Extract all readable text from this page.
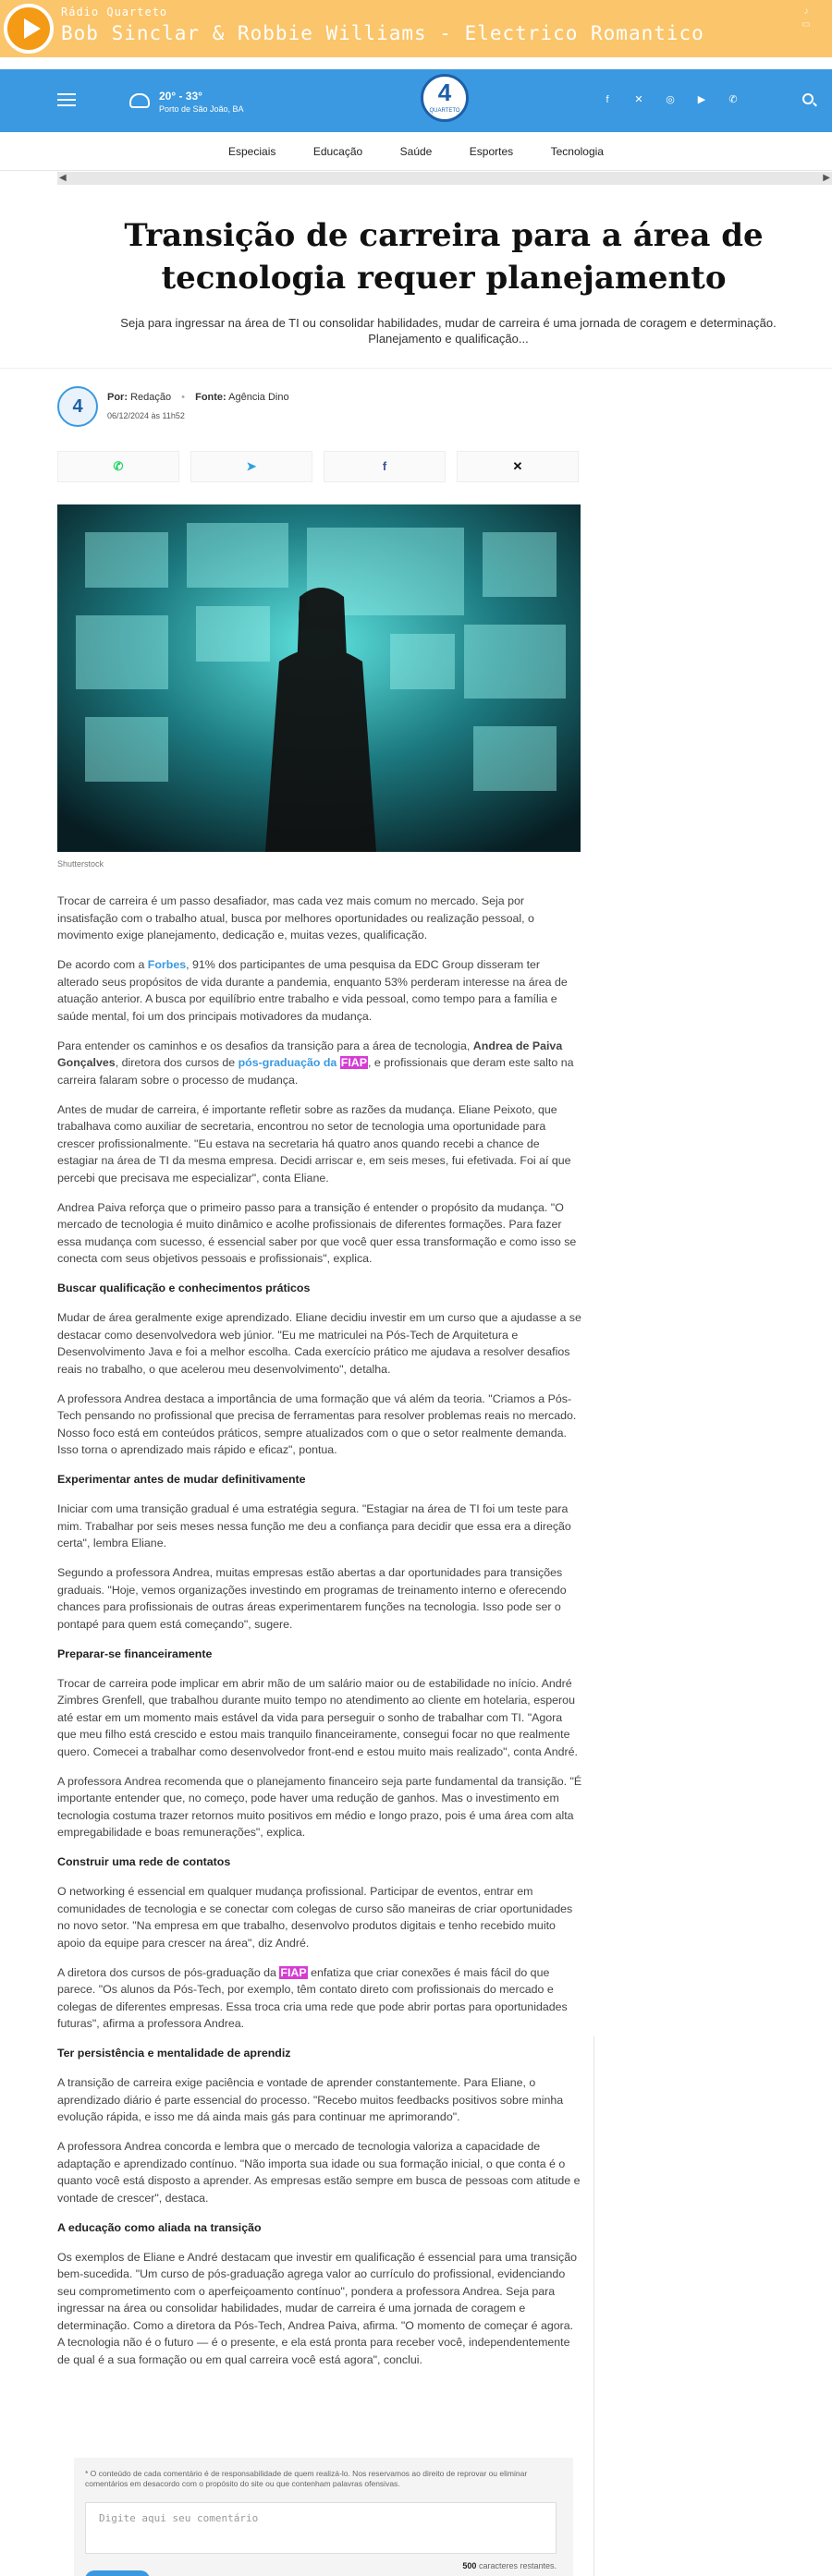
Rádio Quarteto
Bob Sinclar & Robbie Williams - Electrico Romantico
♪
▭
20° - 33°
Porto de São João, BA
4
QUARTETO
f	✕ ◎ ▶ ✆
Especiais	Educação	Saúde	Esportes	Tecnologia
◀	▶
Transição de carreira para a área de tecnologia requer planejamento

Seja para ingressar na área de TI ou consolidar habilidades, mudar de carreira é uma jornada de coragem e determinação. Planejamento e qualificação...

4	Por: Redação • Fonte: Agência Dino
06/12/2024 às 11h52
✆	➤	f	✕
Shutterstock

Trocar de carreira é um passo desafiador, mas cada vez mais comum no mercado. Seja por insatisfação com o trabalho atual, busca por melhores oportunidades ou realização pessoal, o movimento exige planejamento, dedicação e, muitas vezes, qualificação.

De acordo com a Forbes, 91% dos participantes de uma pesquisa da EDC Group disseram ter alterado seus propósitos de vida durante a pandemia, enquanto 53% perderam interesse na área de atuação anterior. A busca por equilíbrio entre trabalho e vida pessoal, como tempo para a família e saúde mental, foi um dos principais motivadores da mudança.

Para entender os caminhos e os desafios da transição para a área de tecnologia, Andrea de Paiva Gonçalves, diretora dos cursos de pós-graduação da FIAP, e profissionais que deram este salto na carreira falaram sobre o processo de mudança.

Antes de mudar de carreira, é importante refletir sobre as razões da mudança. Eliane Peixoto, que trabalhava como auxiliar de secretaria, encontrou no setor de tecnologia uma oportunidade para crescer profissionalmente. "Eu estava na secretaria há quatro anos quando recebi a chance de estagiar na área de TI da mesma empresa. Decidi arriscar e, em seis meses, fui efetivada. Foi aí que percebi que precisava me especializar", conta Eliane.

Andrea Paiva reforça que o primeiro passo para a transição é entender o propósito da mudança. "O mercado de tecnologia é muito dinâmico e acolhe profissionais de diferentes formações. Para fazer essa mudança com sucesso, é essencial saber por que você quer essa transformação e como isso se conecta com seus objetivos pessoais e profissionais", explica.

Buscar qualificação e conhecimentos práticos

Mudar de área geralmente exige aprendizado. Eliane decidiu investir em um curso que a ajudasse a se destacar como desenvolvedora web júnior. "Eu me matriculei na Pós-Tech de Arquitetura e Desenvolvimento Java e foi a melhor escolha. Cada exercício prático me ajudava a resolver desafios reais no trabalho, o que acelerou meu desenvolvimento", detalha.

A professora Andrea destaca a importância de uma formação que vá além da teoria. "Criamos a Pós-Tech pensando no profissional que precisa de ferramentas para resolver problemas reais no mercado. Nosso foco está em conteúdos práticos, sempre atualizados com o que o setor realmente demanda. Isso torna o aprendizado mais rápido e eficaz", pontua.

Experimentar antes de mudar definitivamente

Iniciar com uma transição gradual é uma estratégia segura. "Estagiar na área de TI foi um teste para mim. Trabalhar por seis meses nessa função me deu a confiança para decidir que essa era a direção certa", lembra Eliane.

Segundo a professora Andrea, muitas empresas estão abertas a dar oportunidades para transições graduais. "Hoje, vemos organizações investindo em programas de treinamento interno e oferecendo chances para profissionais de outras áreas experimentarem funções na tecnologia. Isso pode ser o pontapé para quem está começando", sugere.

Preparar-se financeiramente

Trocar de carreira pode implicar em abrir mão de um salário maior ou de estabilidade no início. André Zimbres Grenfell, que trabalhou durante muito tempo no atendimento ao cliente em hotelaria, esperou até estar em um momento mais estável da vida para perseguir o sonho de trabalhar com TI. "Agora que meu filho está crescido e estou mais tranquilo financeiramente, consegui focar no que realmente quero. Comecei a trabalhar como desenvolvedor front-end e estou muito mais realizado", conta André.

A professora Andrea recomenda que o planejamento financeiro seja parte fundamental da transição. "É importante entender que, no começo, pode haver uma redução de ganhos. Mas o investimento em tecnologia costuma trazer retornos muito positivos em médio e longo prazo, pois é uma área com alta empregabilidade e boas remunerações", explica.

Construir uma rede de contatos

O networking é essencial em qualquer mudança profissional. Participar de eventos, entrar em comunidades de tecnologia e se conectar com colegas de curso são maneiras de criar oportunidades no novo setor. "Na empresa em que trabalho, desenvolvo produtos digitais e tenho recebido muito apoio da equipe para crescer na área", diz André.

A diretora dos cursos de pós-graduação da FIAP enfatiza que criar conexões é mais fácil do que parece. "Os alunos da Pós-Tech, por exemplo, têm contato direto com profissionais do mercado e colegas de diferentes empresas. Essa troca cria uma rede que pode abrir portas para oportunidades futuras", afirma a professora Andrea.

Ter persistência e mentalidade de aprendiz

A transição de carreira exige paciência e vontade de aprender constantemente. Para Eliane, o aprendizado diário é parte essencial do processo. "Recebo muitos feedbacks positivos sobre minha evolução rápida, e isso me dá ainda mais gás para continuar me aprimorando".

A professora Andrea concorda e lembra que o mercado de tecnologia valoriza a capacidade de adaptação e aprendizado contínuo. "Não importa sua idade ou sua formação inicial, o que conta é o quanto você está disposto a aprender. As empresas estão sempre em busca de pessoas com atitude e vontade de crescer", destaca.

A educação como aliada na transição

Os exemplos de Eliane e André destacam que investir em qualificação é essencial para uma transição bem-sucedida. "Um curso de pós-graduação agrega valor ao currículo do profissional, evidenciando seu comprometimento com o aperfeiçoamento contínuo", pondera a professora Andrea. Seja para ingressar na área ou consolidar habilidades, mudar de carreira é uma jornada de coragem e determinação. Como a diretora da Pós-Tech, Andrea Paiva, afirma. "O momento de começar é agora. A tecnologia não é o futuro — é o presente, e ela está pronta para receber você, independentemente de qual é a sua formação ou em qual carreira você está agora", conclui.

* O conteúdo de cada comentário é de responsabilidade de quem realizá-lo. Nos reservamos ao direito de reprovar ou eliminar comentários em desacordo com o propósito do site ou que contenham palavras ofensivas.
Digite aqui seu comentário
500 caracteres restantes.
